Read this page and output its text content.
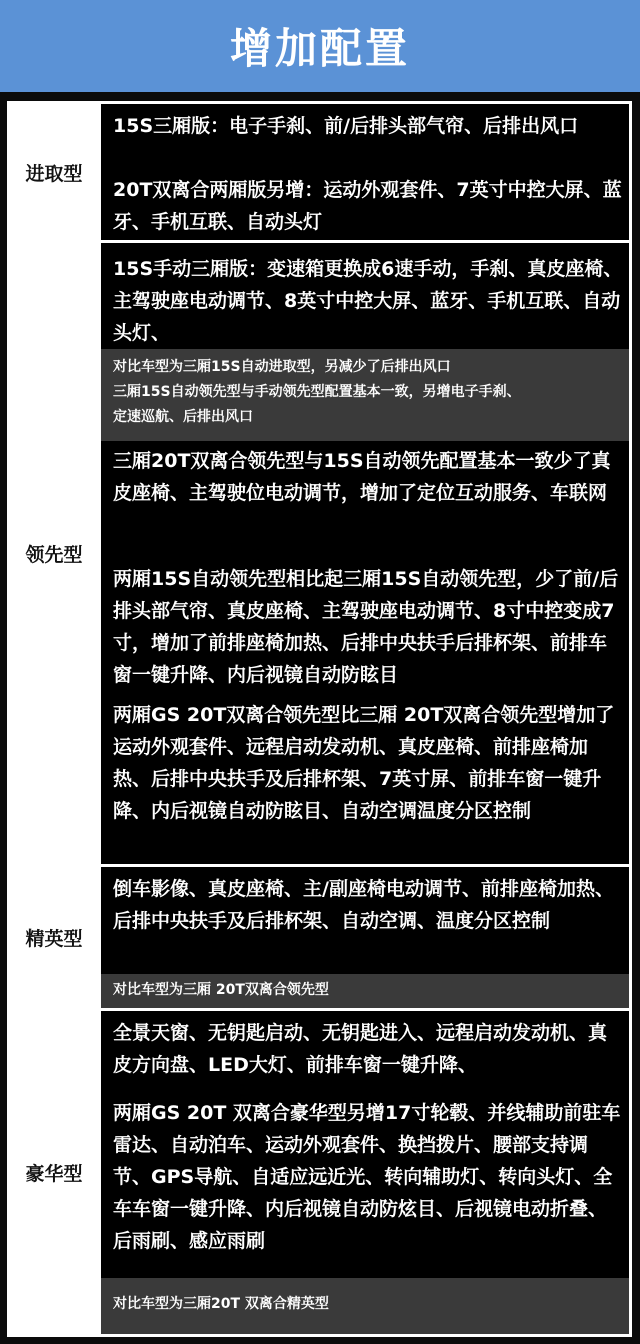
增加配置
进取型

15S三厢版：电子手刹、前/后排头部气帘、后排出风口

20T双离合两厢版另增：运动外观套件、7英寸中控大屏、蓝牙、手机互联、自动头灯

领先型

15S手动三厢版：变速箱更换成6速手动，手刹、真皮座椅、主驾驶座电动调节、8英寸中控大屏、蓝牙、手机互联、自动头灯、

对比车型为三厢15S自动进取型，另减少了后排出风口
三厢15S自动领先型与手动领先型配置基本一致，另增电子手刹、
定速巡航、后排出风口

三厢20T双离合领先型与15S自动领先配置基本一致少了真皮座椅、主驾驶位电动调节，增加了定位互动服务、车联网

两厢15S自动领先型相比起三厢15S自动领先型，少了前/后排头部气帘、真皮座椅、主驾驶座电动调节、8寸中控变成7寸，增加了前排座椅加热、后排中央扶手后排杯架、前排车窗一键升降、内后视镜自动防眩目

两厢GS 20T双离合领先型比三厢 20T双离合领先型增加了运动外观套件、远程启动发动机、真皮座椅、前排座椅加热、后排中央扶手及后排杯架、7英寸屏、前排车窗一键升降、内后视镜自动防眩目、自动空调温度分区控制

精英型

倒车影像、真皮座椅、主/副座椅电动调节、前排座椅加热、后排中央扶手及后排杯架、自动空调、温度分区控制

对比车型为三厢 20T双离合领先型
豪华型

全景天窗、无钥匙启动、无钥匙进入、远程启动发动机、真皮方向盘、LED大灯、前排车窗一键升降、

两厢GS 20T 双离合豪华型另增17寸轮毂、并线辅助前驻车雷达、自动泊车、运动外观套件、换挡拨片、腰部支持调节、GPS导航、自适应远近光、转向辅助灯、转向头灯、全车车窗一键升降、内后视镜自动防炫目、后视镜电动折叠、后雨刷、感应雨刷

对比车型为三厢20T 双离合精英型
